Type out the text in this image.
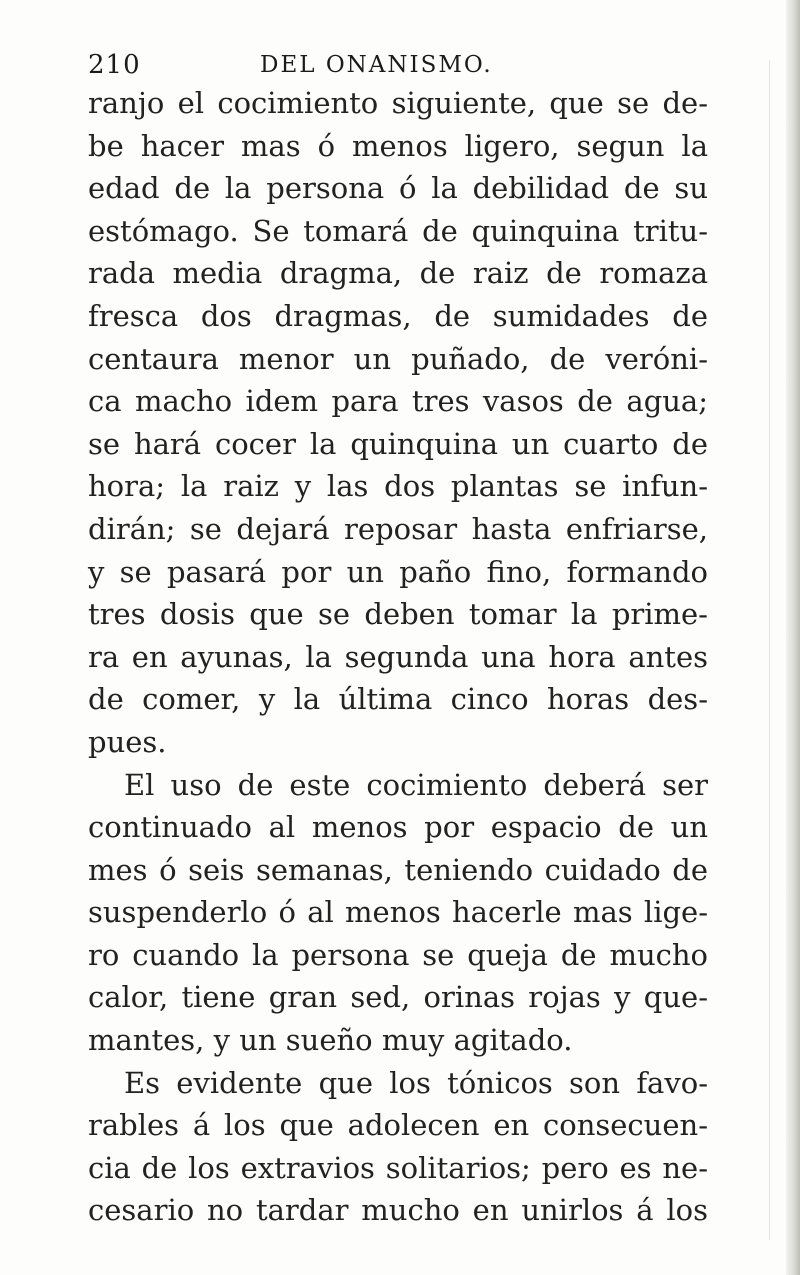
210	DEL ONANISMO.
ranjo el cocimiento siguiente, que se de-
be hacer mas ó menos ligero, segun la
edad de la persona ó la debilidad de su
estómago. Se tomará de quinquina tritu-
rada media dragma, de raiz de romaza
fresca dos dragmas, de sumidades de
centaura menor un puñado, de veróni-
ca macho idem para tres vasos de agua;
se hará cocer la quinquina un cuarto de
hora; la raiz y las dos plantas se infun-
dirán; se dejará reposar hasta enfriarse,
y se pasará por un paño fino, formando
tres dosis que se deben tomar la prime-
ra en ayunas, la segunda una hora antes
de comer, y la última cinco horas des-
pues.
El uso de este cocimiento deberá ser
continuado al menos por espacio de un
mes ó seis semanas, teniendo cuidado de
suspenderlo ó al menos hacerle mas lige-
ro cuando la persona se queja de mucho
calor, tiene gran sed, orinas rojas y que-
mantes, y un sueño muy agitado.
Es evidente que los tónicos son favo-
rables á los que adolecen en consecuen-
cia de los extravios solitarios; pero es ne-
cesario no tardar mucho en unirlos á los
